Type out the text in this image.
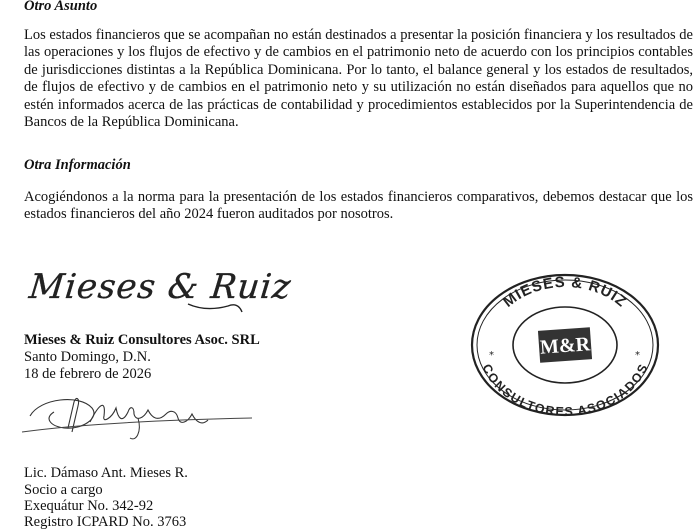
Otro Asunto
Los estados financieros que se acompañan no están destinados a presentar la posición financiera y los resultados de las operaciones y los flujos de efectivo y de cambios en el patrimonio neto de acuerdo con los principios contables de jurisdicciones distintas a la República Dominicana. Por lo tanto, el balance general y los estados de resultados, de flujos de efectivo y de cambios en el patrimonio neto y su utilización no están diseñados para aquellos que no estén informados acerca de las prácticas de contabilidad y procedimientos establecidos por la Superintendencia de Bancos de la República Dominicana.
Otra Información
Acogiéndonos a la norma para la presentación de los estados financieros comparativos, debemos destacar que los estados financieros del año 2024 fueron auditados por nosotros.
Mieses & Ruiz
Mieses & Ruiz Consultores Asoc. SRL
Santo Domingo, D.N.
18 de febrero de 2026
Lic. Dámaso Ant. Mieses R.
Socio a cargo
Exequátur No. 342-92
Registro ICPARD No. 3763
MIESES & RUIZ
CONSULTORES ASOCIADOS
*	*
M&R
